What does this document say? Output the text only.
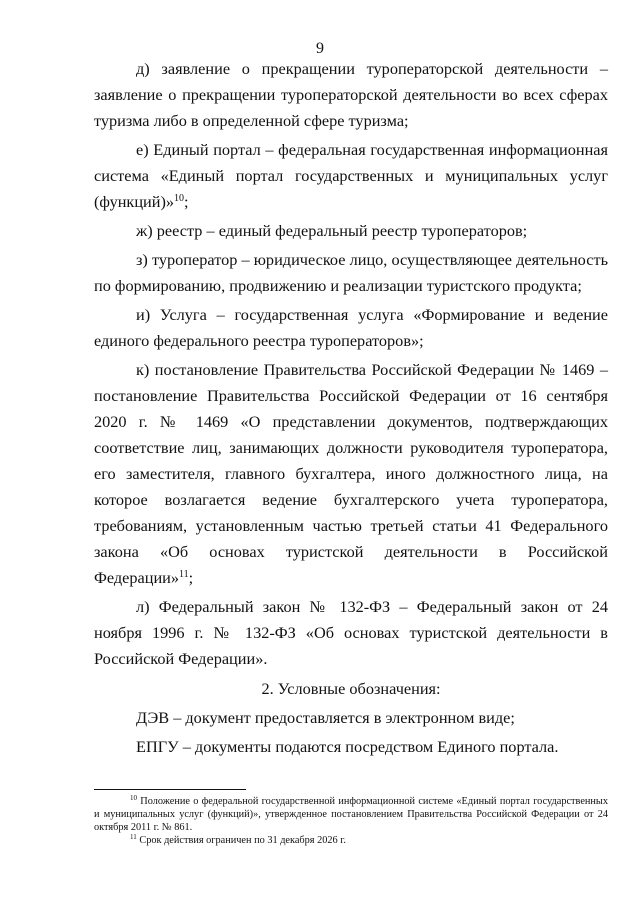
9

д) заявление о прекращении туроператорской деятельности – заявление о прекращении туроператорской деятельности во всех сферах туризма либо в определенной сфере туризма;

е) Единый портал – федеральная государственная информационная система «Единый портал государственных и муниципальных услуг (функций)»$^{10}$;

ж) реестр – единый федеральный реестр туроператоров;

з) туроператор – юридическое лицо, осуществляющее деятельность по формированию, продвижению и реализации туристского продукта;

и) Услуга – государственная услуга «Формирование и ведение единого федерального реестра туроператоров»;

к) постановление Правительства Российской Федерации № 1469 – постановление Правительства Российской Федерации от 16 сентября 2020 г. № 1469 «О представлении документов, подтверждающих соответствие лиц, занимающих должности руководителя туроператора, его заместителя, главного бухгалтера, иного должностного лица, на которое возлагается ведение бухгалтерского учета туроператора, требованиям, установленным частью третьей статьи 41 Федерального закона «Об основах туристской деятельности в Российской Федерации»$^{11}$;

л) Федеральный закон № 132-ФЗ – Федеральный закон от 24 ноября 1996 г. № 132-ФЗ «Об основах туристской деятельности в Российской Федерации».

2. Условные обозначения:

ДЭВ – документ предоставляется в электронном виде;

ЕПГУ – документы подаются посредством Единого портала.

$^{10}$ Положение о федеральной государственной информационной системе «Единый портал государственных и муниципальных услуг (функций)», утвержденное постановлением Правительства Российской Федерации от 24 октября 2011 г. № 861.

$^{11}$ Срок действия ограничен по 31 декабря 2026 г.
